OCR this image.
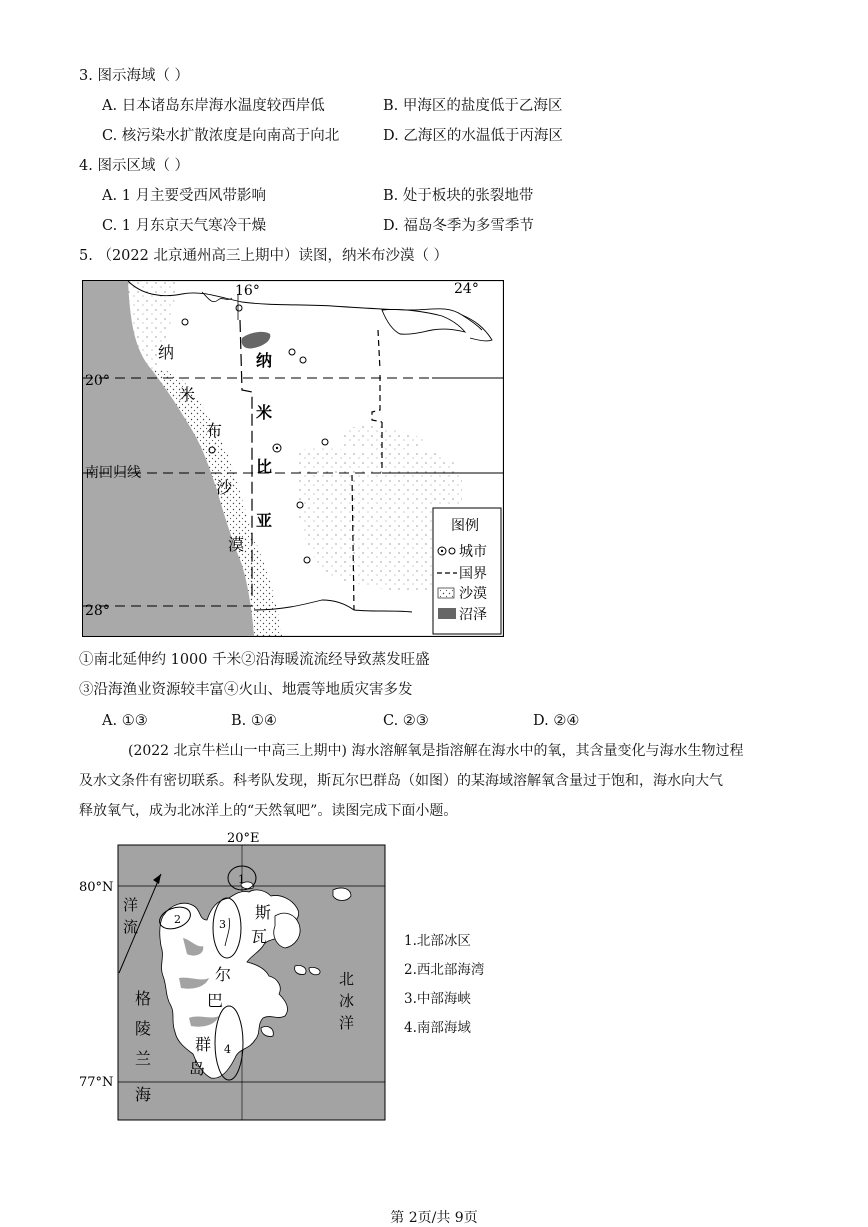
3. 图示海域（ ）
A. 日本诸岛东岸海水温度较西岸低	B. 甲海区的盐度低于乙海区
C. 核污染水扩散浓度是向南高于向北	D. 乙海区的水温低于丙海区
4. 图示区域（ ）
A. 1 月主要受西风带影响	B. 处于板块的张裂地带
C. 1 月东京天气寒冷干燥	D. 福岛冬季为多雪季节
5. （2022 北京通州高三上期中）读图，纳米布沙漠（ ）
16°	24°
20°
28°
南回归线
纳
米
布
沙
漠
纳
米
比
亚	图例
城市
国界
沙漠
沼泽
①南北延伸约 1000 千米②沿海暖流流经导致蒸发旺盛
③沿海渔业资源较丰富④火山、地震等地质灾害多发
A. ①③	B. ①④	C. ②③	D. ②④
(2022 北京牛栏山一中高三上期中) 海水溶解氧是指溶解在海水中的氧，其含量变化与海水生物过程
及水文条件有密切联系。科考队发现，斯瓦尔巴群岛（如图）的某海域溶解氧含量过于饱和，海水向大气
释放氧气，成为北冰洋上的“天然氧吧”。读图完成下面小题。
20°E
80°N
77°N
1
2	3
4
洋
流
斯
瓦
尔
巴
群
岛
格
陵
兰
海
北
冰
洋
1.北部冰区
2.西北部海湾
3.中部海峡
4.南部海域
第 2页/共 9页
